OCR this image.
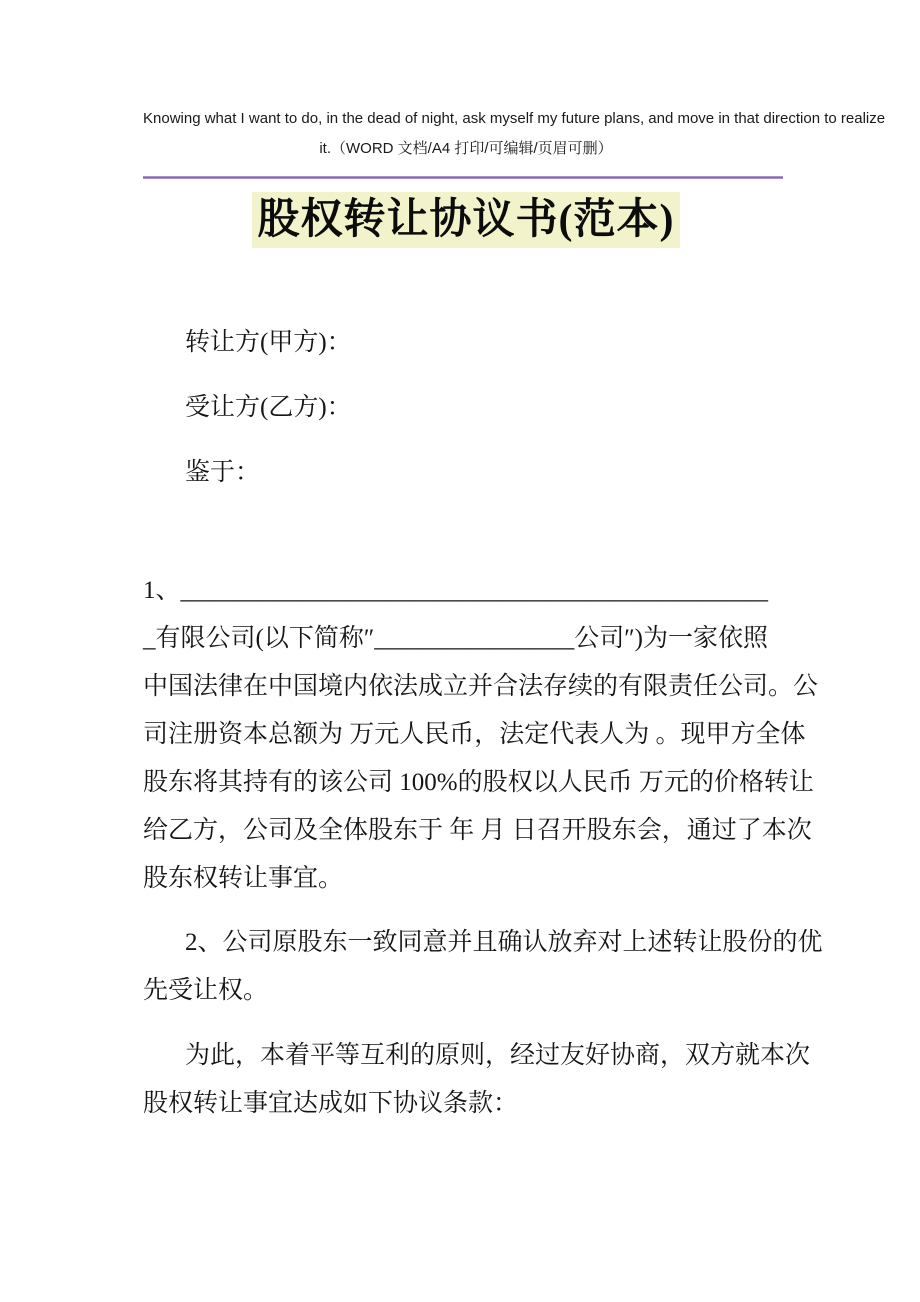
Knowing what I want to do, in the dead of night, ask myself my future plans, and move in that direction to realize
it.（WORD 文档/A4 打印/可编辑/页眉可删）
股权转让协议书(范本)
转让方(甲方)：
受让方(乙方)：
鉴于：
1、_______________________________________________
_有限公司(以下简称″________________公司″)为一家依照
中国法律在中国境内依法成立并合法存续的有限责任公司。公
司注册资本总额为 万元人民币，法定代表人为 。现甲方全体
股东将其持有的该公司 100%的股权以人民币 万元的价格转让
给乙方，公司及全体股东于 年 月 日召开股东会，通过了本次
股东权转让事宜。
2、公司原股东一致同意并且确认放弃对上述转让股份的优
先受让权。
为此，本着平等互利的原则，经过友好协商，双方就本次
股权转让事宜达成如下协议条款：
